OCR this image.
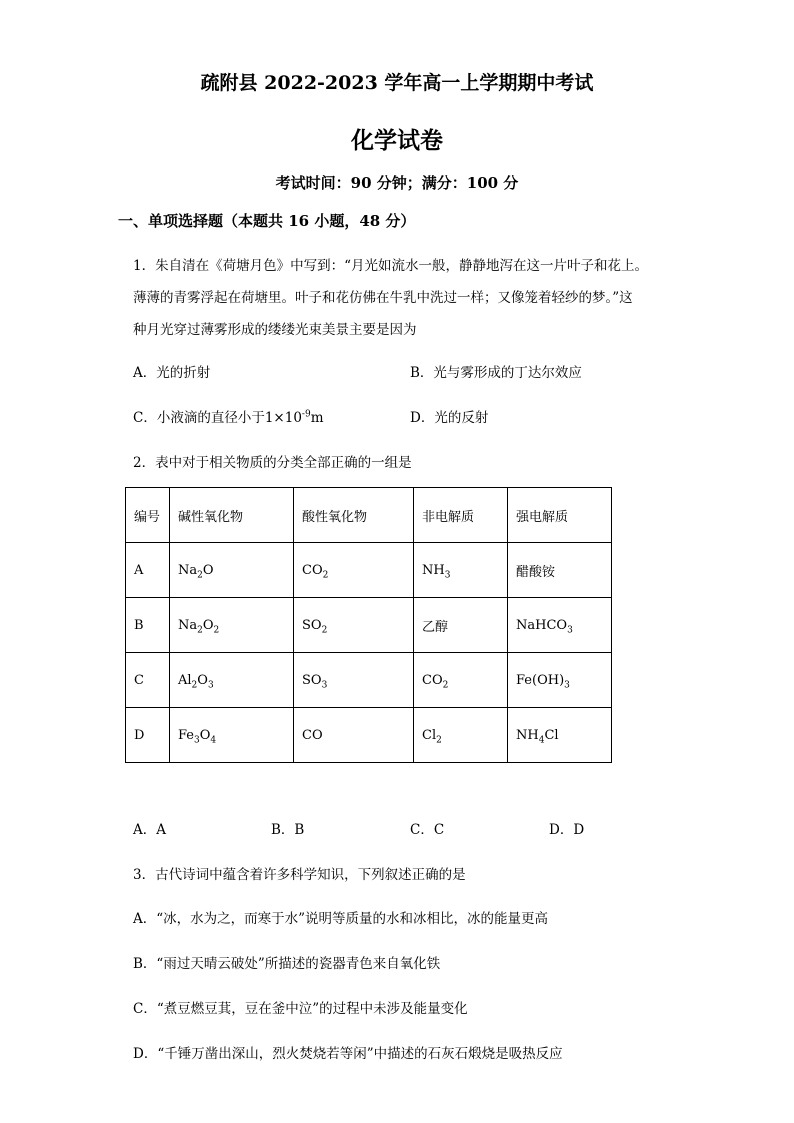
疏附县 2022-2023 学年高一上学期期中考试
化学试卷
考试时间：90 分钟；满分：100 分
一、单项选择题（本题共 16 小题，48 分）
1．朱自清在《荷塘月色》中写到：“月光如流水一般，静静地泻在这一片叶子和花上。
薄薄的青雾浮起在荷塘里。叶子和花仿佛在牛乳中洗过一样；又像笼着轻纱的梦。”这
种月光穿过薄雾形成的缕缕光束美景主要是因为
A．光的折射	B．光与雾形成的丁达尔效应
C．小液滴的直径小于$1\times 10^{-9}m$	D．光的反射
2．表中对于相关物质的分类全部正确的一组是
编号	碱性氧化物	酸性氧化物	非电解质	强电解质
A	$Na_2O$	$CO_2$	$NH_3$	醋酸铵
B	$Na_2O_2$	$SO_2$	乙醇	NaHCO$_3$
C	$Al_2O_3$	$SO_3$	$CO_2$	$Fe(OH)_3$
D	$Fe_3O_4$	CO	$Cl_2$	$NH_4Cl$
A．A	B．B	C．C	D．D
3．古代诗词中蕴含着许多科学知识，下列叙述正确的是
A．“冰，水为之，而寒于水”说明等质量的水和冰相比，冰的能量更高
B．“雨过天晴云破处”所描述的瓷器青色来自氧化铁
C．“煮豆燃豆萁，豆在釜中泣”的过程中未涉及能量变化
D．“千锤万凿出深山，烈火焚烧若等闲”中描述的石灰石煅烧是吸热反应
